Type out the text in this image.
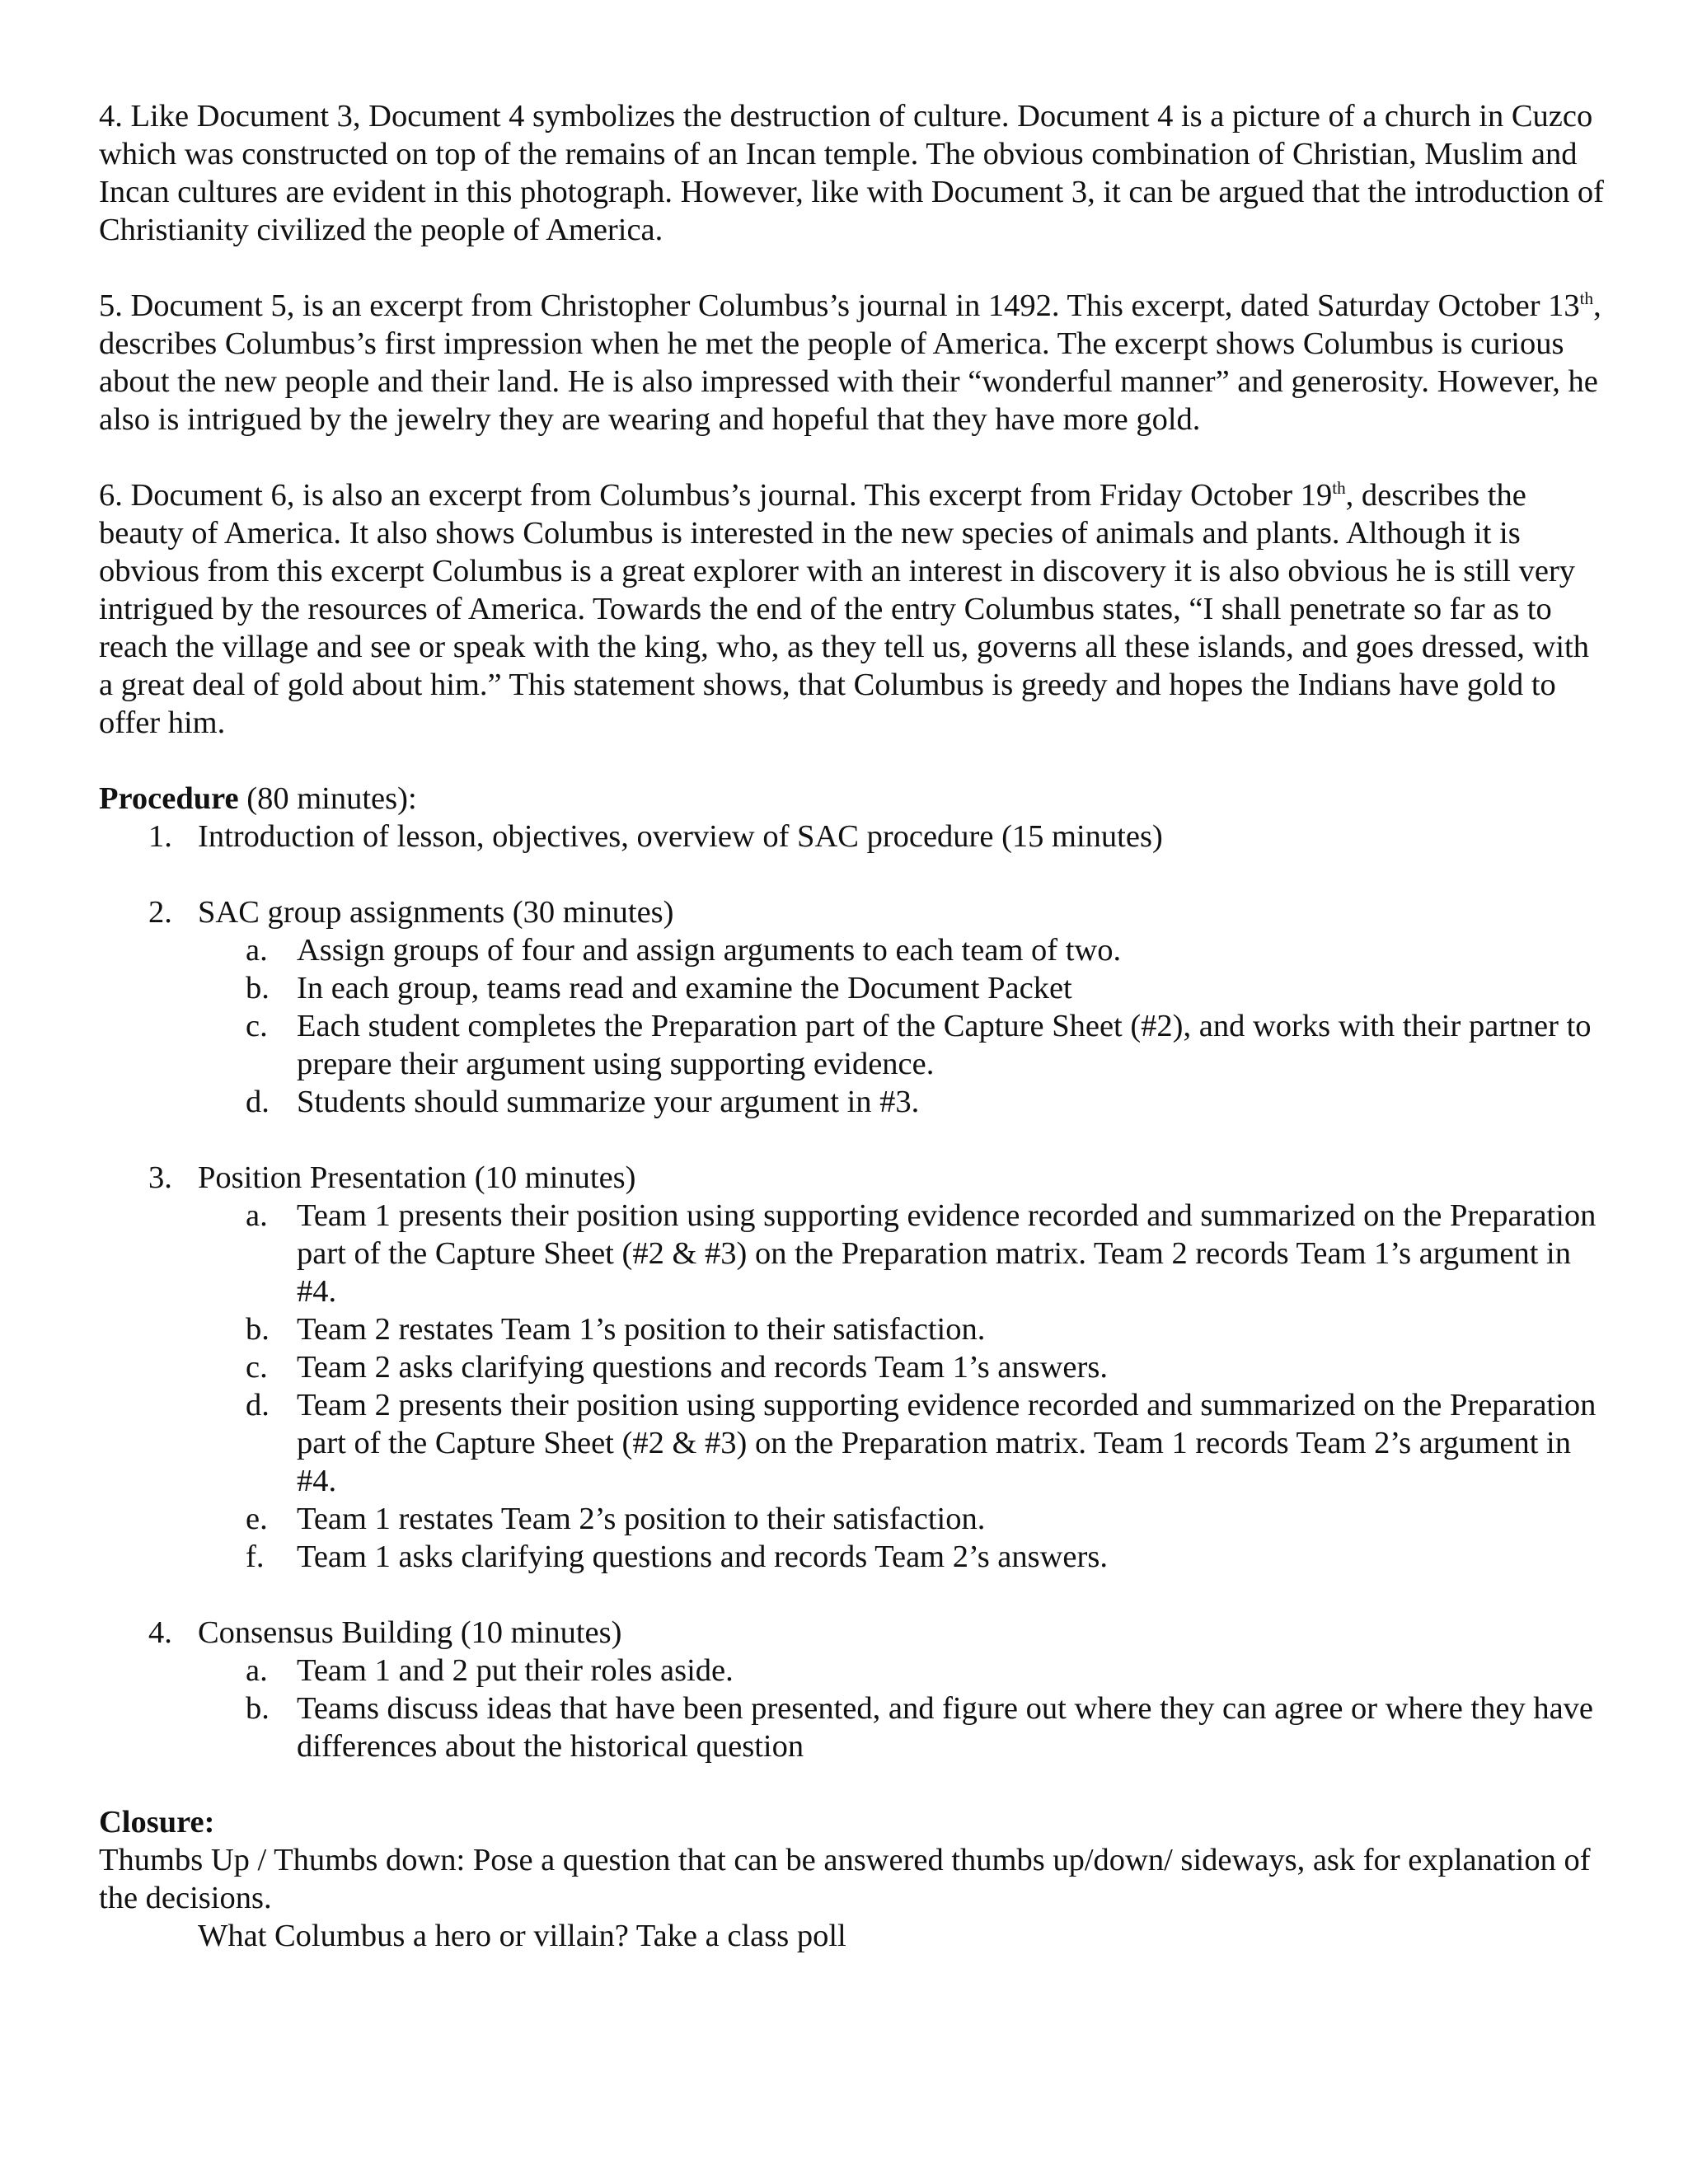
4. Like Document 3, Document 4 symbolizes the destruction of culture. Document 4 is a picture of a church in Cuzco which was constructed on top of the remains of an Incan temple. The obvious combination of Christian, Muslim and Incan cultures are evident in this photograph. However, like with Document 3, it can be argued that the introduction of Christianity civilized the people of America.

5. Document 5, is an excerpt from Christopher Columbus’s journal in 1492. This excerpt, dated Saturday October 13th, describes Columbus’s first impression when he met the people of America. The excerpt shows Columbus is curious about the new people and their land. He is also impressed with their “wonderful manner” and generosity. However, he also is intrigued by the jewelry they are wearing and hopeful that they have more gold.

6. Document 6, is also an excerpt from Columbus’s journal. This excerpt from Friday October 19th, describes the beauty of America. It also shows Columbus is interested in the new species of animals and plants. Although it is obvious from this excerpt Columbus is a great explorer with an interest in discovery it is also obvious he is still very intrigued by the resources of America. Towards the end of the entry Columbus states, “I shall penetrate so far as to reach the village and see or speak with the king, who, as they tell us, governs all these islands, and goes dressed, with a great deal of gold about him.” This statement shows, that Columbus is greedy and hopes the Indians have gold to offer him.

Procedure (80 minutes):

1. Introduction of lesson, objectives, overview of SAC procedure (15 minutes)
2. SAC group assignments (30 minutes)
a. Assign groups of four and assign arguments to each team of two.
b. In each group, teams read and examine the Document Packet
c. Each student completes the Preparation part of the Capture Sheet (#2), and works with their partner to prepare their argument using supporting evidence.
d. Students should summarize your argument in #3.
3. Position Presentation (10 minutes)
a. Team 1 presents their position using supporting evidence recorded and summarized on the Preparation part of the Capture Sheet (#2 & #3) on the Preparation matrix. Team 2 records Team 1’s argument in #4.
b. Team 2 restates Team 1’s position to their satisfaction.
c. Team 2 asks clarifying questions and records Team 1’s answers.
d. Team 2 presents their position using supporting evidence recorded and summarized on the Preparation part of the Capture Sheet (#2 & #3) on the Preparation matrix. Team 1 records Team 2’s argument in #4.
e. Team 1 restates Team 2’s position to their satisfaction.
f. Team 1 asks clarifying questions and records Team 2’s answers.
4. Consensus Building (10 minutes)
a. Team 1 and 2 put their roles aside.
b. Teams discuss ideas that have been presented, and figure out where they can agree or where they have differences about the historical question

Closure:

Thumbs Up / Thumbs down: Pose a question that can be answered thumbs up/down/ sideways, ask for explanation of the decisions.

What Columbus a hero or villain? Take a class poll
